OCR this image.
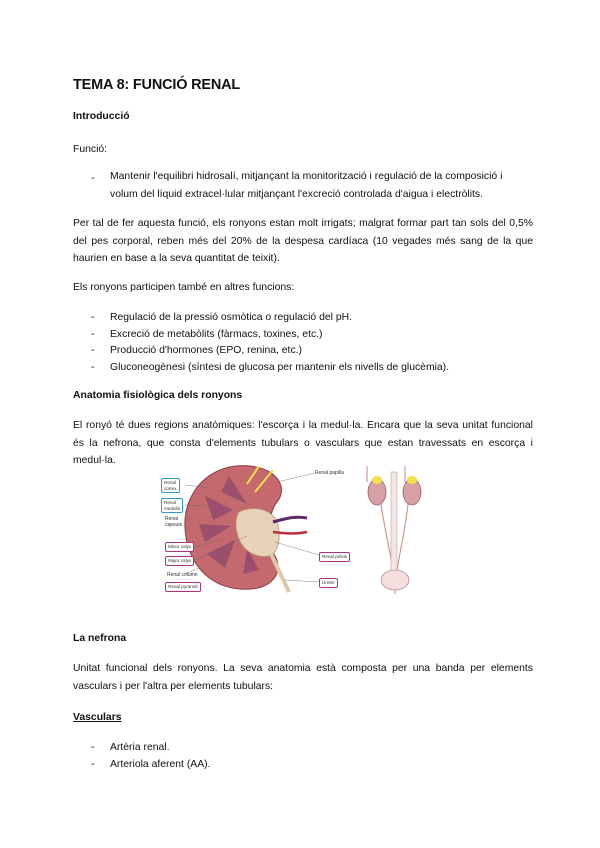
TEMA 8: FUNCIÓ RENAL
Introducció
Funció:
- Mantenir l'equilibri hidrosalí, mitjançant la monitorització i regulació de la composició i volum del líquid extracel·lular mitjançant l'excreció controlada d'aigua i electròlits.
Per tal de fer aquesta funció, els ronyons estan molt irrigats; malgrat formar part tan sols del 0,5% del pes corporal, reben més del 20% de la despesa cardíaca (10 vegades més sang de la que haurien en base a la seva quantitat de teixit).
Els ronyons participen també en altres funcions:
- Regulació de la pressió osmòtica o regulació del pH.
- Excreció de metabòlits (fàrmacs, toxines, etc.)
- Producció d'hormones (EPO, renina, etc.)
- Gluconeogènesi (síntesi de glucosa per mantenir els nivells de glucèmia).
Anatomia fisiològica dels ronyons
El ronyó té dues regions anatòmiques: l'escorça i la medul·la. Encara que la seva unitat funcional és la nefrona, que consta d'elements tubulars o vasculars que estan travessats en escorça i medul·la.
Renal
cortex
Renal
medulla
Renal
capsule
Minor calyx
Major calyx
Renal column
Renal pyramid
Renal papilla
Renal pelvis
Ureter
La nefrona
Unitat funcional dels ronyons. La seva anatomia està composta per una banda per elements vasculars i per l'altra per elements tubulars:
Vasculars
- Artèria renal.
- Arteriola aferent (AA).
